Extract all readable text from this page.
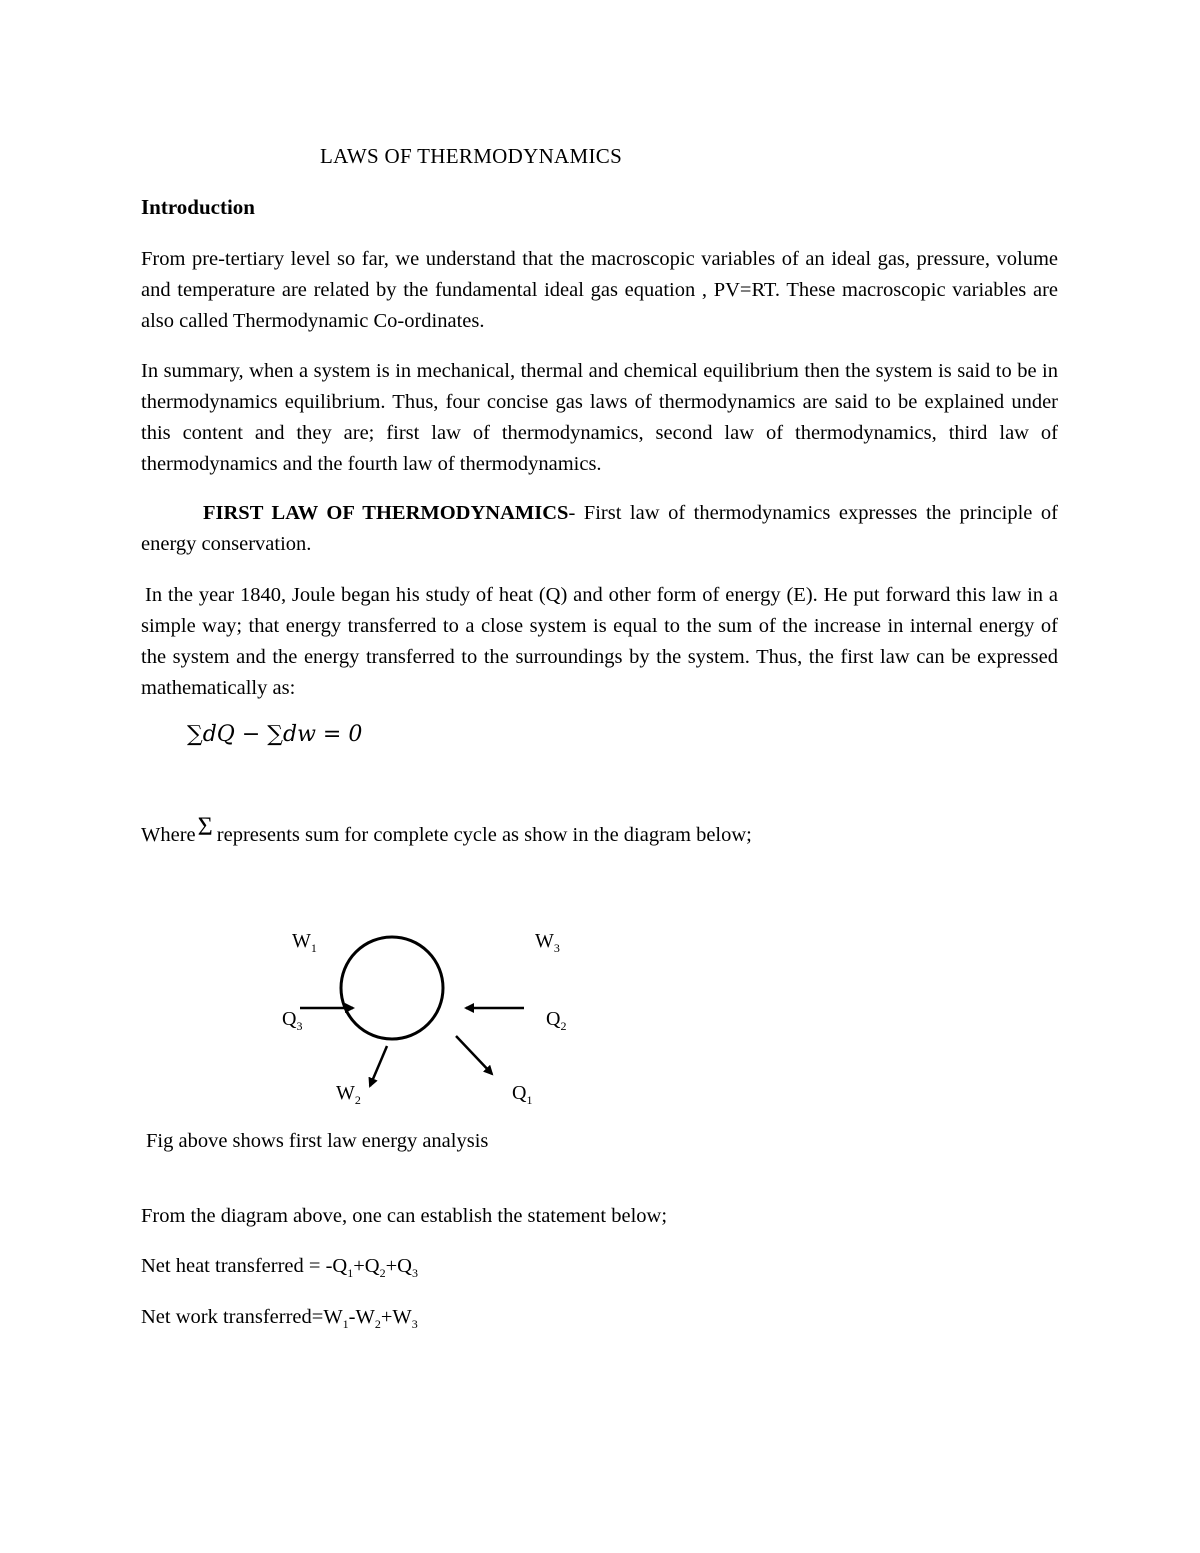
LAWS OF THERMODYNAMICS
Introduction

From pre-tertiary level so far, we understand that the macroscopic variables of an ideal gas, pressure, volume and temperature are related by the fundamental ideal gas equation , PV=RT. These macroscopic variables are also called Thermodynamic Co-ordinates.

In summary, when a system is in mechanical, thermal and chemical equilibrium then the system is said to be in thermodynamics equilibrium. Thus, four concise gas laws of thermodynamics are said to be explained under this content and they are; first law of thermodynamics, second law of thermodynamics, third law of thermodynamics and the fourth law of thermodynamics.

FIRST LAW OF THERMODYNAMICS- First law of thermodynamics expresses the principle of energy conservation.

In the year 1840, Joule began his study of heat (Q) and other form of energy (E). He put forward this law in a simple way; that energy transferred to a close system is equal to the sum of the increase in internal energy of the system and the energy transferred to the surroundings by the system. Thus, the first law can be expressed mathematically as:

∑dQ − ∑dw = 0
WhereΣ represents sum for complete cycle as show in the diagram below;
$W_1$	$W_3$
$Q_3$	$Q_2$
$W_2$	$Q_1$
Fig above shows first law energy analysis
From the diagram above, one can establish the statement below;
Net heat transferred = $-Q_1+Q_2+Q_3$
Net work $transferred=W_1-W_2+W_3$
